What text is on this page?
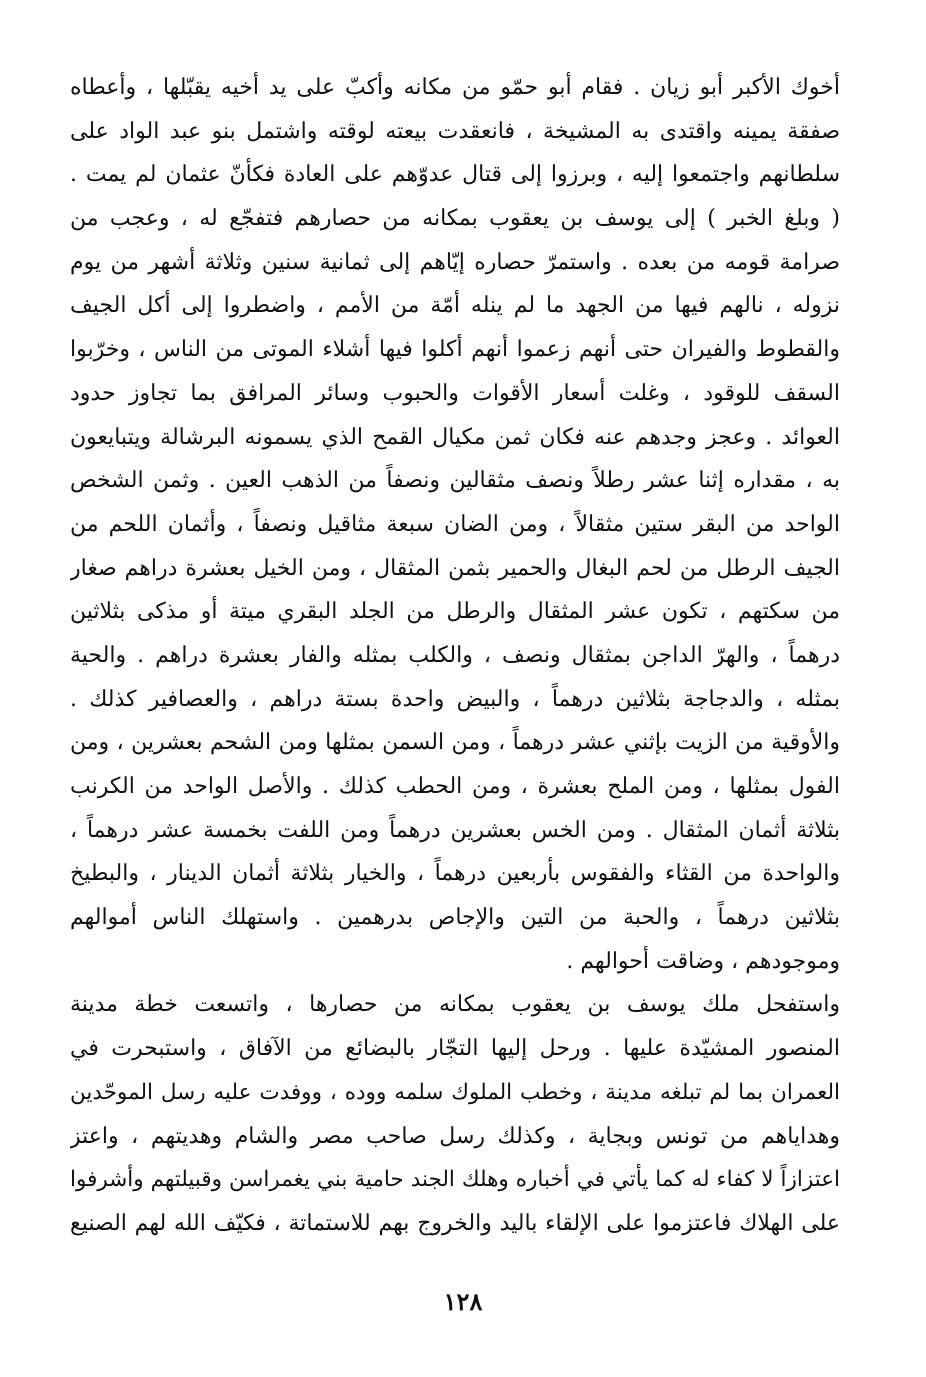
أخوك الأكبر أبو زيان . فقام أبو حمّو من مكانه وأكبّ على يد أخيه يقبّلها ، وأعطاه
صفقة يمينه واقتدى به المشيخة ، فانعقدت بيعته لوقته واشتمل بنو عبد الواد على
سلطانهم واجتمعوا إليه ، وبرزوا إلى قتال عدوّهم على العادة فكأنّ عثمان لم يمت .
( وبلغ الخبر ) إلى يوسف بن يعقوب بمكانه من حصارهم فتفجّع له ، وعجب من
صرامة قومه من بعده . واستمرّ حصاره إيّاهم إلى ثمانية سنين وثلاثة أشهر من يوم
نزوله ، نالهم فيها من الجهد ما لم ينله أمّة من الأمم ، واضطروا إلى أكل الجيف
والقطوط والفيران حتى أنهم زعموا أنهم أكلوا فيها أشلاء الموتى من الناس ، وخرّبوا
السقف للوقود ، وغلت أسعار الأقوات والحبوب وسائر المرافق بما تجاوز حدود
العوائد . وعجز وجدهم عنه فكان ثمن مكيال القمح الذي يسمونه البرشالة ويتبايعون
به ، مقداره إثنا عشر رطلاً ونصف مثقالين ونصفاً من الذهب العين . وثمن الشخص
الواحد من البقر ستين مثقالاً ، ومن الضان سبعة مثاقيل ونصفاً ، وأثمان اللحم من
الجيف الرطل من لحم البغال والحمير بثمن المثقال ، ومن الخيل بعشرة دراهم صغار
من سكتهم ، تكون عشر المثقال والرطل من الجلد البقري ميتة أو مذكى بثلاثين
درهماً ، والهرّ الداجن بمثقال ونصف ، والكلب بمثله والفار بعشرة دراهم . والحية
بمثله ، والدجاجة بثلاثين درهماً ، والبيض واحدة بستة دراهم ، والعصافير كذلك .
والأوقية من الزيت بإثني عشر درهماً ، ومن السمن بمثلها ومن الشحم بعشرين ، ومن
الفول بمثلها ، ومن الملح بعشرة ، ومن الحطب كذلك . والأصل الواحد من الكرنب
بثلاثة أثمان المثقال . ومن الخس بعشرين درهماً ومن اللفت بخمسة عشر درهماً ،
والواحدة من القثاء والفقوس بأربعين درهماً ، والخيار بثلاثة أثمان الدينار ، والبطيخ
بثلاثين درهماً ، والحبة من التين والإجاص بدرهمين . واستهلك الناس أموالهم
وموجودهم ، وضاقت أحوالهم .
واستفحل ملك يوسف بن يعقوب بمكانه من حصارها ، واتسعت خطة مدينة
المنصور المشيّدة عليها . ورحل إليها التجّار بالبضائع من الآفاق ، واستبحرت في
العمران بما لم تبلغه مدينة ، وخطب الملوك سلمه ووده ، ووفدت عليه رسل الموحّدين
وهداياهم من تونس وبجاية ، وكذلك رسل صاحب مصر والشام وهديتهم ، واعتز
اعتزازاً لا كفاء له كما يأتي في أخباره وهلك الجند حامية بني يغمراسن وقبيلتهم وأشرفوا
على الهلاك فاعتزموا على الإلقاء باليد والخروج بهم للاستماتة ، فكيّف الله لهم الصنيع
١٢٨
